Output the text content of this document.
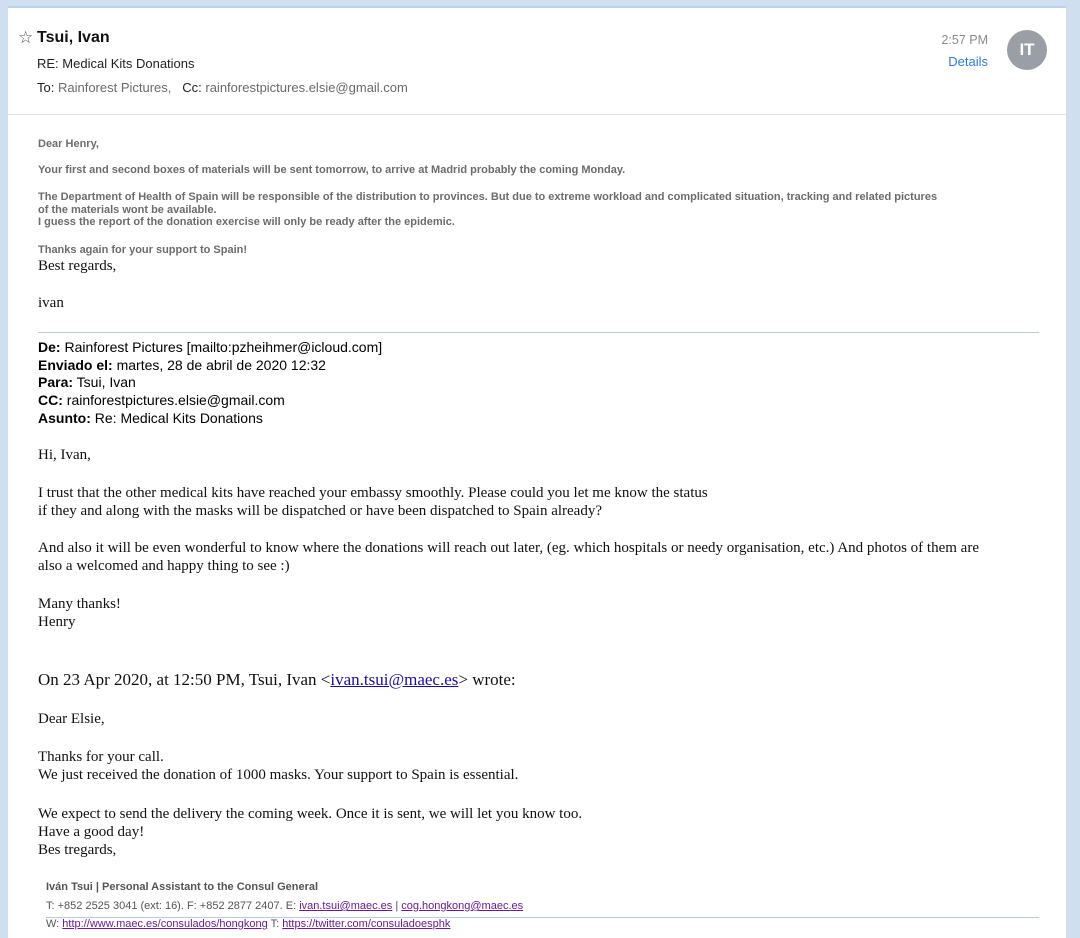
☆ Tsui, Ivan
RE: Medical Kits Donations
To: Rainforest Pictures, Cc: rainforestpictures.elsie@gmail.com
2:57 PM
Details
IT
Dear Henry,
Your first and second boxes of materials will be sent tomorrow, to arrive at Madrid probably the coming Monday.
The Department of Health of Spain will be responsible of the distribution to provinces. But due to extreme workload and complicated situation, tracking and related pictures
of the materials wont be available.
I guess the report of the donation exercise will only be ready after the epidemic.
Thanks again for your support to Spain!
Best regards,
ivan
De: Rainforest Pictures [mailto:pzheihmer@icloud.com]
Enviado el: martes, 28 de abril de 2020 12:32
Para: Tsui, Ivan
CC: rainforestpictures.elsie@gmail.com
Asunto: Re: Medical Kits Donations
Hi, Ivan,
I trust that the other medical kits have reached your embassy smoothly. Please could you let me know the status
if they and along with the masks will be dispatched or have been dispatched to Spain already?
And also it will be even wonderful to know where the donations will reach out later, (eg. which hospitals or needy organisation, etc.) And photos of them are
also a welcomed and happy thing to see :)
Many thanks!
Henry
On 23 Apr 2020, at 12:50 PM, Tsui, Ivan <ivan.tsui@maec.es> wrote:
Dear Elsie,
Thanks for your call.
We just received the donation of 1000 masks. Your support to Spain is essential.
We expect to send the delivery the coming week. Once it is sent, we will let you know too.
Have a good day!
Bes tregards,
Iván Tsui | Personal Assistant to the Consul General
T: +852 2525 3041 (ext: 16). F: +852 2877 2407. E: ivan.tsui@maec.es | cog.hongkong@maec.es
W: http://www.maec.es/consulados/hongkong T: https://twitter.com/consuladoesphk
